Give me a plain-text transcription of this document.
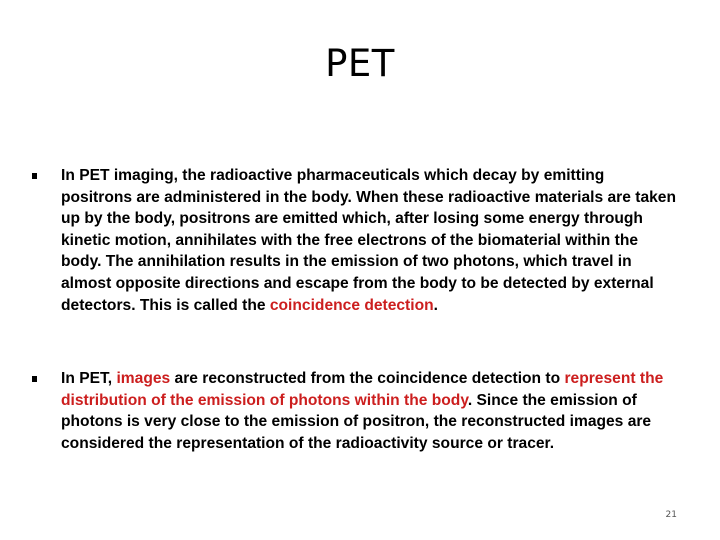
PET
In PET imaging, the radioactive pharmaceuticals which decay by emitting positrons are administered in the body. When these radioactive materials are taken up by the body, positrons are emitted which, after losing some energy through kinetic motion, annihilates with the free electrons of the biomaterial within the body. The annihilation results in the emission of two photons, which travel in almost opposite directions and escape from the body to be detected by external detectors. This is called the coincidence detection.
In PET, images are reconstructed from the coincidence detection to represent the distribution of the emission of photons within the body. Since the emission of photons is very close to the emission of positron, the reconstructed images are considered the representation of the radioactivity source or tracer.
21
